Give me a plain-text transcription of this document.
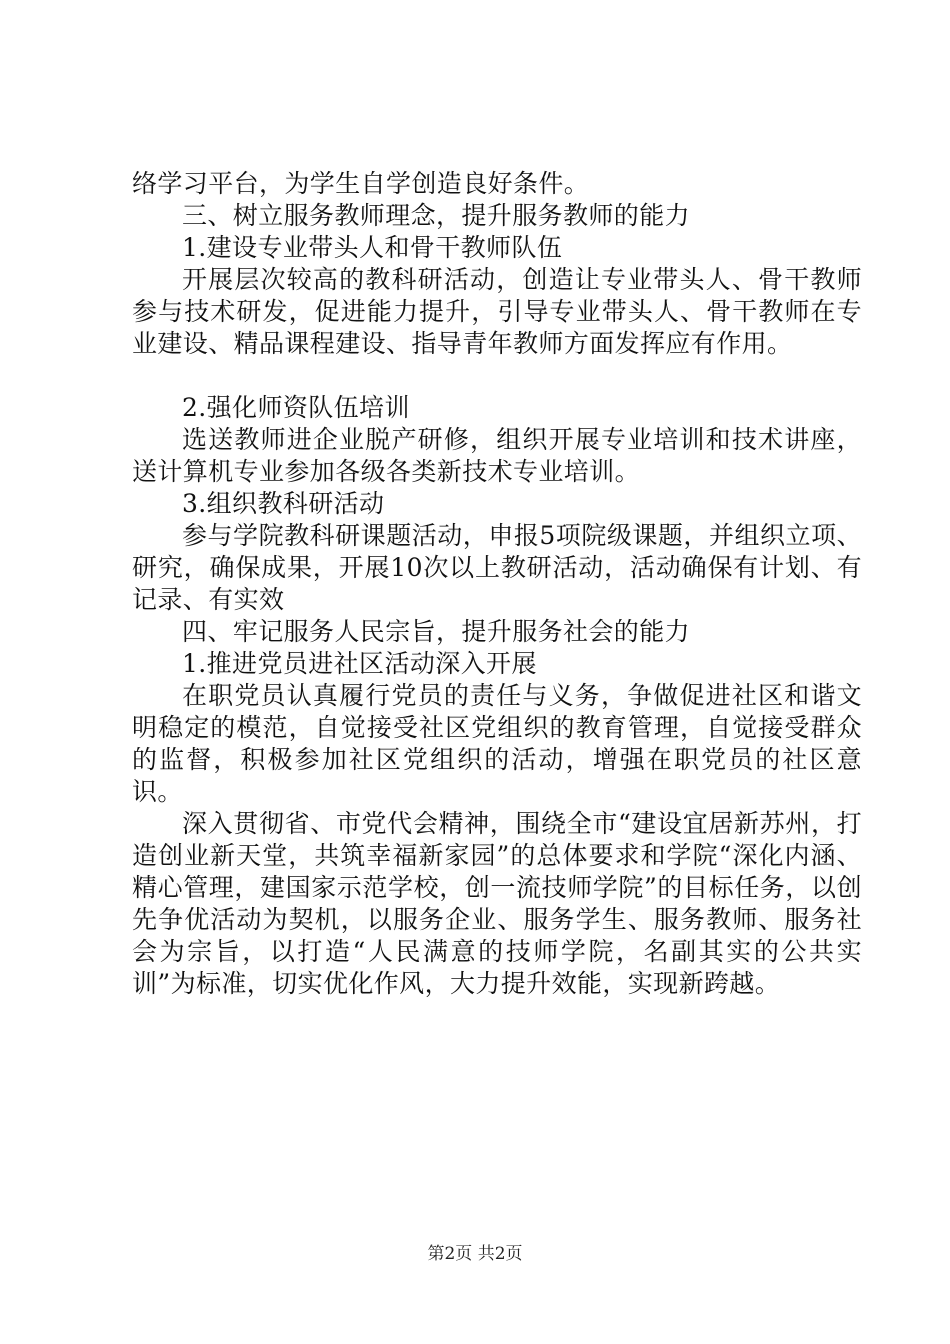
络学习平台，为学生自学创造良好条件。

三、树立服务教师理念，提升服务教师的能力

1.建设专业带头人和骨干教师队伍

开展层次较高的教科研活动，创造让专业带头人、骨干教师参与技术研发，促进能力提升，引导专业带头人、骨干教师在专业建设、精品课程建设、指导青年教师方面发挥应有作用。

2.强化师资队伍培训

选送教师进企业脱产研修，组织开展专业培训和技术讲座，送计算机专业参加各级各类新技术专业培训。

3.组织教科研活动

参与学院教科研课题活动，申报5项院级课题，并组织立项、研究，确保成果，开展10次以上教研活动，活动确保有计划、有记录、有实效

四、牢记服务人民宗旨，提升服务社会的能力

1.推进党员进社区活动深入开展

在职党员认真履行党员的责任与义务，争做促进社区和谐文明稳定的模范，自觉接受社区党组织的教育管理，自觉接受群众的监督，积极参加社区党组织的活动，增强在职党员的社区意识。

深入贯彻省、市党代会精神，围绕全市“建设宜居新苏州，打造创业新天堂，共筑幸福新家园”的总体要求和学院“深化内涵、精心管理，建国家示范学校，创一流技师学院”的目标任务，以创先争优活动为契机，以服务企业、服务学生、服务教师、服务社会为宗旨，以打造“人民满意的技师学院，名副其实的公共实训”为标准，切实优化作风，大力提升效能，实现新跨越。

第2页 共2页
